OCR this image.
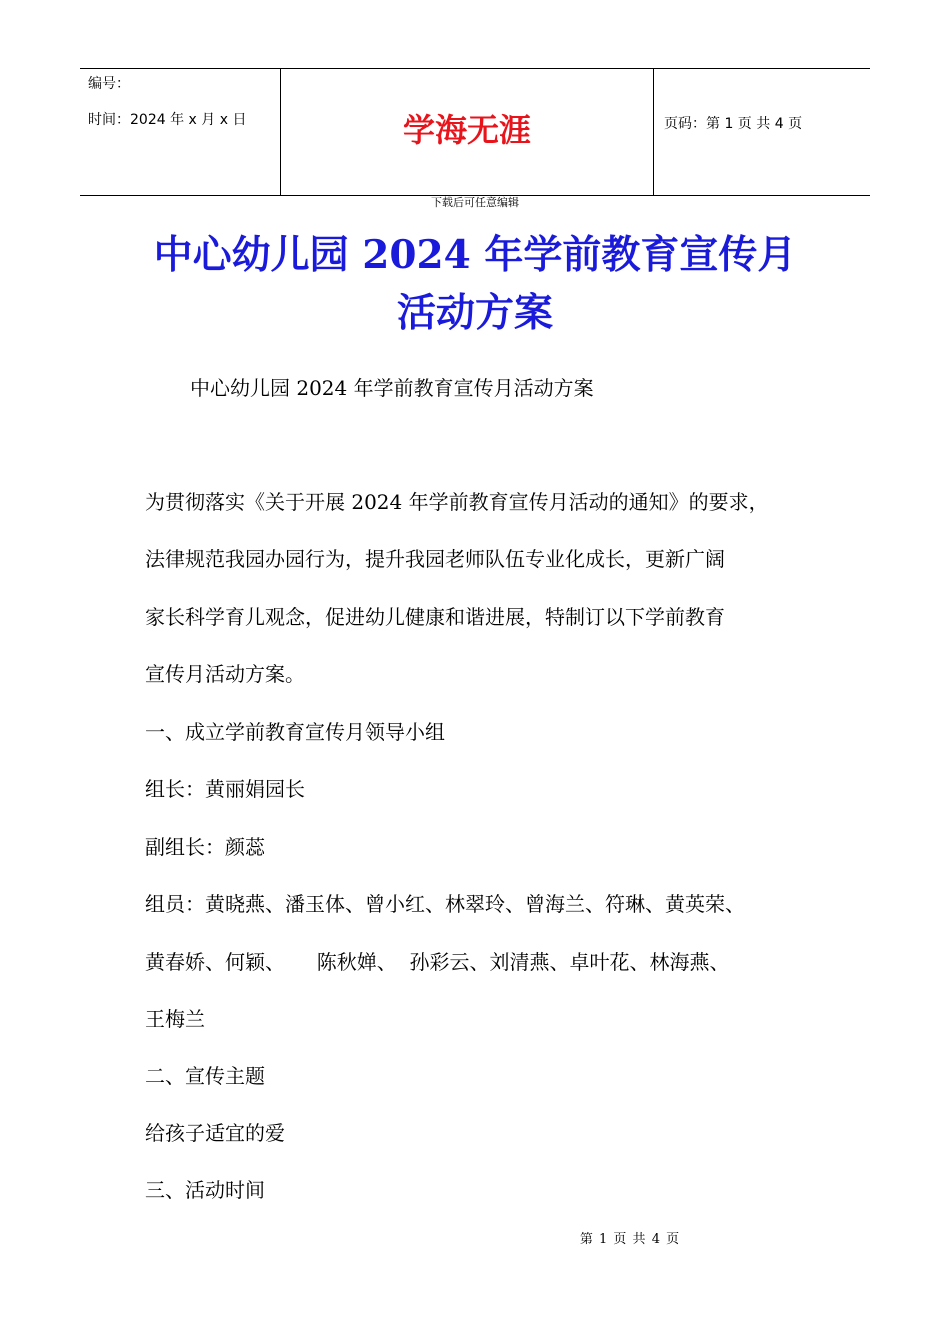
编号：
时间：2024 年 x 月 x 日	学海无涯	页码：第 1 页 共 4 页
下载后可任意编辑
中心幼儿园 2024 年学前教育宣传月
活动方案
中心幼儿园 2024 年学前教育宣传月活动方案
为贯彻落实《关于开展 2024 年学前教育宣传月活动的通知》的要求，
法律规范我园办园行为，提升我园老师队伍专业化成长，更新广阔
家长科学育儿观念，促进幼儿健康和谐进展，特制订以下学前教育
宣传月活动方案。
一、成立学前教育宣传月领导小组
组长：黄丽娟园长
副组长：颜蕊
组员：黄晓燕、潘玉体、曾小红、林翠玲、曾海兰、符琳、黄英荣、
黄春娇、何颖、     陈秋婵、  孙彩云、刘清燕、卓叶花、林海燕、
王梅兰
二、宣传主题
给孩子适宜的爱
三、活动时间
第 1 页 共 4 页
